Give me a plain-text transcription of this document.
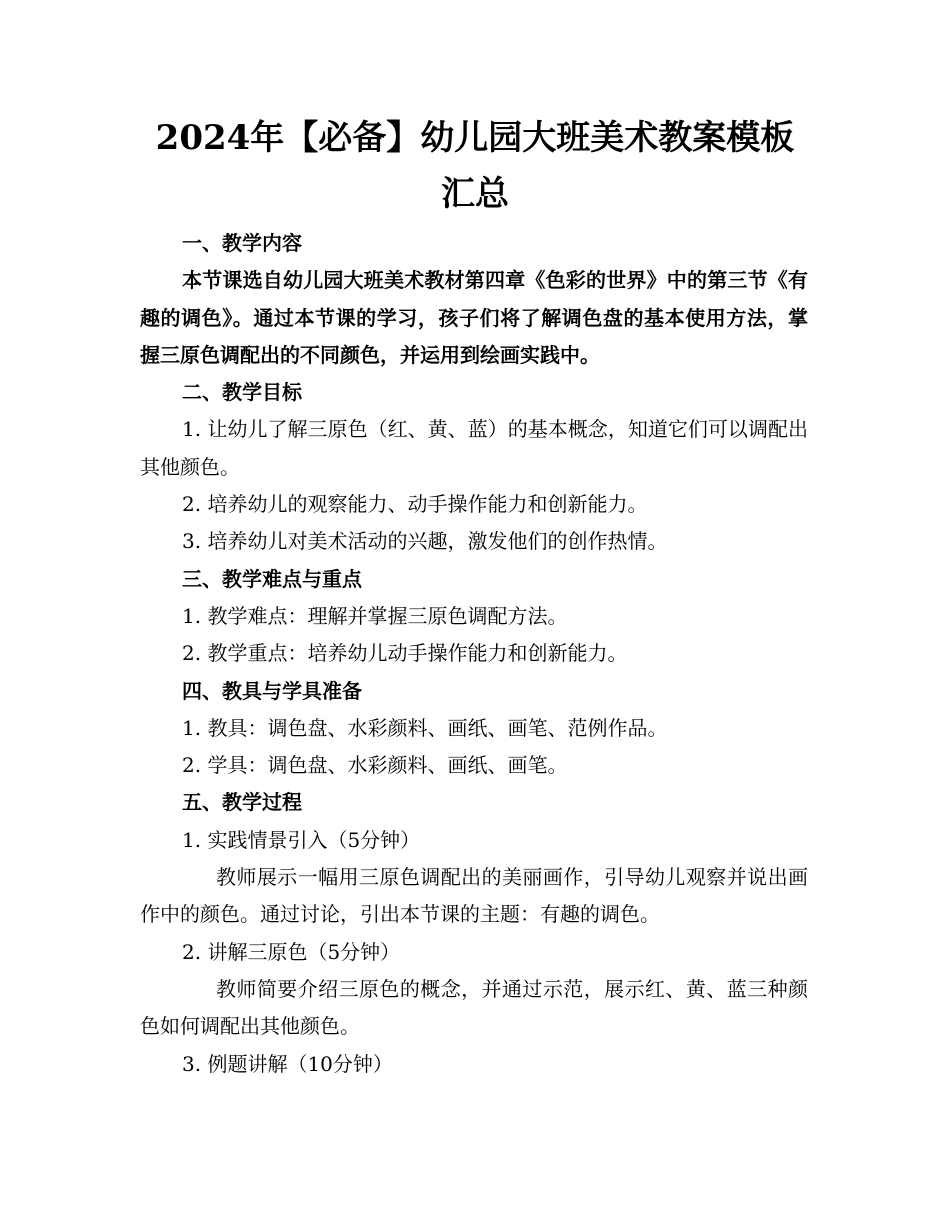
2024年【必备】幼儿园大班美术教案模板汇总

一、教学内容

本节课选自幼儿园大班美术教材第四章《色彩的世界》中的第三节《有趣的调色》。通过本节课的学习，孩子们将了解调色盘的基本使用方法，掌握三原色调配出的不同颜色，并运用到绘画实践中。

二、教学目标

1. 让幼儿了解三原色（红、黄、蓝）的基本概念，知道它们可以调配出其他颜色。

2. 培养幼儿的观察能力、动手操作能力和创新能力。

3. 培养幼儿对美术活动的兴趣，激发他们的创作热情。

三、教学难点与重点

1. 教学难点：理解并掌握三原色调配方法。

2. 教学重点：培养幼儿动手操作能力和创新能力。

四、教具与学具准备

1. 教具：调色盘、水彩颜料、画纸、画笔、范例作品。

2. 学具：调色盘、水彩颜料、画纸、画笔。

五、教学过程

1. 实践情景引入（5分钟）

教师展示一幅用三原色调配出的美丽画作，引导幼儿观察并说出画作中的颜色。通过讨论，引出本节课的主题：有趣的调色。

2. 讲解三原色（5分钟）

教师简要介绍三原色的概念，并通过示范，展示红、黄、蓝三种颜色如何调配出其他颜色。

3. 例题讲解（10分钟）
